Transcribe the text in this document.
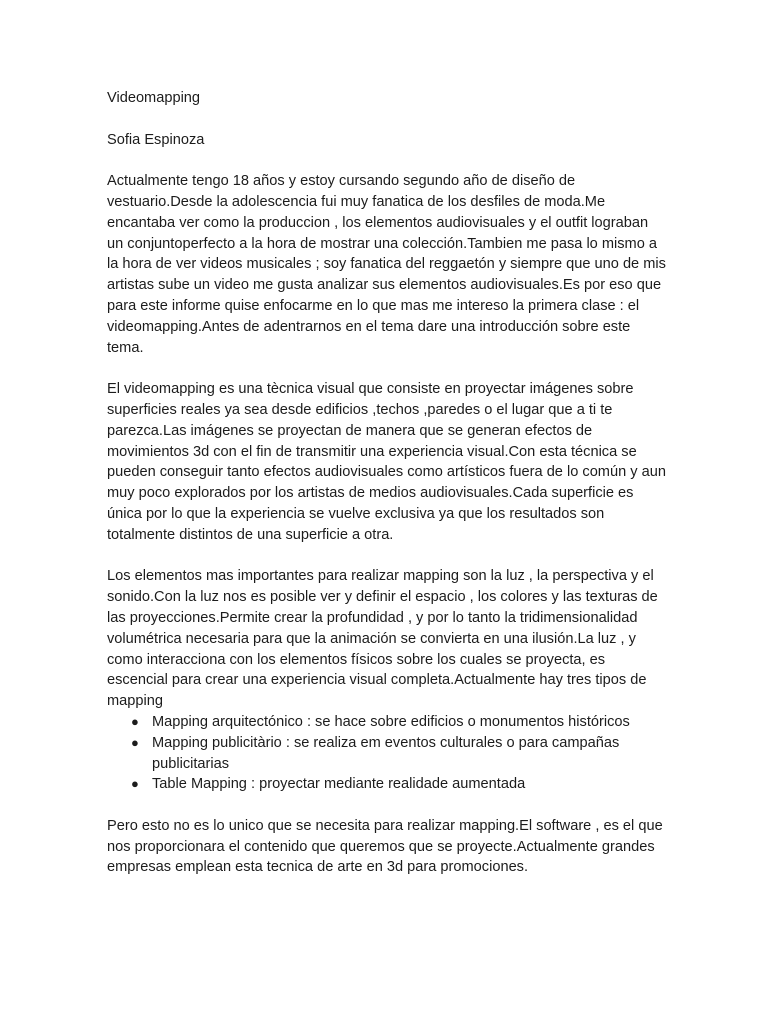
Videomapping
Sofia Espinoza

Actualmente tengo 18 años y estoy cursando segundo año de diseño de vestuario.Desde la adolescencia fui muy fanatica de los desfiles de moda.Me encantaba ver como la produccion , los elementos audiovisuales y el outfit lograban un conjuntoperfecto a la hora de mostrar una colección.Tambien me pasa lo mismo a la hora de ver videos musicales ; soy fanatica del reggaetón y siempre que uno de mis artistas sube un video me gusta analizar sus elementos audiovisuales.Es por eso que para este informe quise enfocarme en lo que mas me intereso la primera clase : el videomapping.Antes de adentrarnos en el tema dare una introducción sobre este tema.

El videomapping es una tècnica visual que consiste en proyectar imágenes sobre superficies reales ya sea desde edificios ,techos ,paredes o el lugar que a ti te parezca.Las imágenes se proyectan de manera que se generan efectos de movimientos 3d con el fin de transmitir una experiencia visual.Con esta técnica se pueden conseguir tanto efectos audiovisuales como artísticos fuera de lo común y aun muy poco explorados por los artistas de medios audiovisuales.Cada superficie es única por lo que la experiencia se vuelve exclusiva ya que los resultados son totalmente distintos de una superficie a otra.

Los elementos mas importantes para realizar mapping son la luz , la perspectiva y el sonido.Con la luz nos es posible ver y definir el espacio , los colores y las texturas de las proyecciones.Permite crear la profundidad , y por lo tanto la tridimensionalidad volumétrica necesaria para que la animación se convierta en una ilusión.La luz , y como interacciona con los elementos físicos sobre los cuales se proyecta, es escencial para crear una experiencia visual completa.Actualmente hay tres tipos de mapping

● Mapping arquitectónico : se hace sobre edificios o monumentos históricos
● Mapping publicitàrio : se realiza em eventos culturales o para campañas publicitarias
● Table Mapping : proyectar mediante realidade aumentada

Pero esto no es lo unico que se necesita para realizar mapping.El software , es el que nos proporcionara el contenido que queremos que se proyecte.Actualmente grandes empresas emplean esta tecnica de arte en 3d para promociones.
